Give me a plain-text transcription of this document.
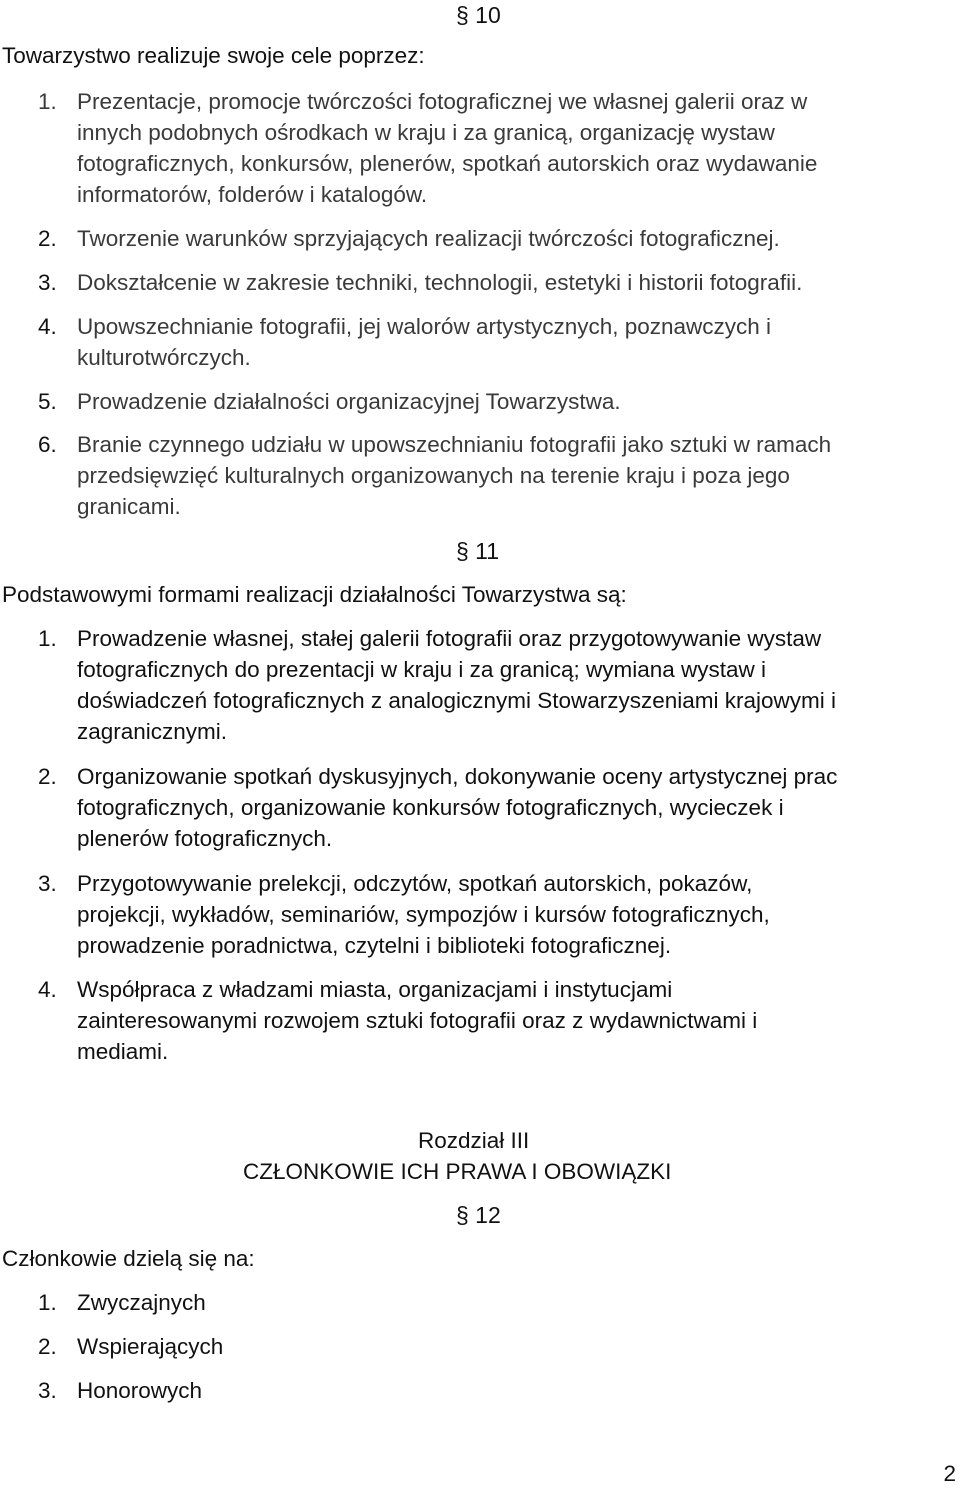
§ 10
Towarzystwo realizuje swoje cele poprzez:
1. Prezentacje, promocje twórczości fotograficznej we własnej galerii oraz w
innych podobnych ośrodkach w kraju i za granicą, organizację wystaw
fotograficznych, konkursów, plenerów, spotkań autorskich oraz wydawanie
informatorów, folderów i katalogów.
2. Tworzenie warunków sprzyjających realizacji twórczości fotograficznej.
3. Dokształcenie w zakresie techniki, technologii, estetyki i historii fotografii.
4. Upowszechnianie fotografii, jej walorów artystycznych, poznawczych i
kulturotwórczych.
5. Prowadzenie działalności organizacyjnej Towarzystwa.
6. Branie czynnego udziału w upowszechnianiu fotografii jako sztuki w ramach
przedsięwzięć kulturalnych organizowanych na terenie kraju i poza jego
granicami.
§ 11
Podstawowymi formami realizacji działalności Towarzystwa są:
1. Prowadzenie własnej, stałej galerii fotografii oraz przygotowywanie wystaw
fotograficznych do prezentacji w kraju i za granicą; wymiana wystaw i
doświadczeń fotograficznych z analogicznymi Stowarzyszeniami krajowymi i
zagranicznymi.
2. Organizowanie spotkań dyskusyjnych, dokonywanie oceny artystycznej prac
fotograficznych, organizowanie konkursów fotograficznych, wycieczek i
plenerów fotograficznych.
3. Przygotowywanie prelekcji, odczytów, spotkań autorskich, pokazów,
projekcji, wykładów, seminariów, sympozjów i kursów fotograficznych,
prowadzenie poradnictwa, czytelni i biblioteki fotograficznej.
4. Współpraca z władzami miasta, organizacjami i instytucjami
zainteresowanymi rozwojem sztuki fotografii oraz z wydawnictwami i
mediami.
Rozdział III
CZŁONKOWIE ICH PRAWA I OBOWIĄZKI
§ 12
Członkowie dzielą się na:
1. Zwyczajnych
2. Wspierających
3. Honorowych
2
